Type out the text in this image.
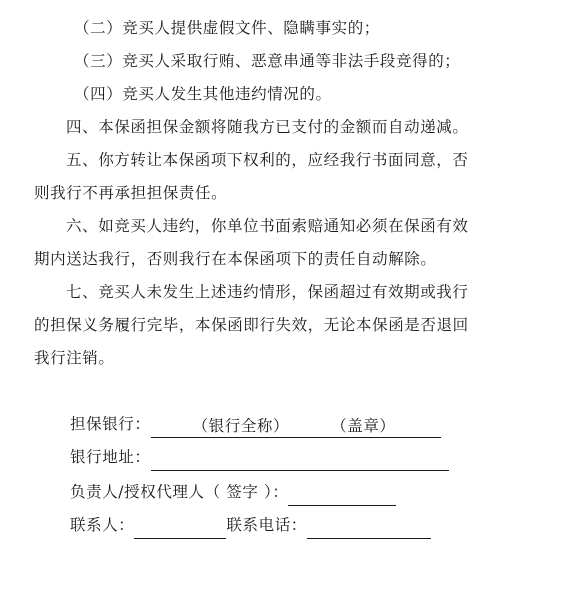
（二）竞买人提供虚假文件、隐瞒事实的；
（三）竞买人采取行贿、恶意串通等非法手段竞得的；
（四）竞买人发生其他违约情况的。
四、本保函担保金额将随我方已支付的金额而自动递减。
五、你方转让本保函项下权利的，应经我行书面同意，否
则我行不再承担担保责任。
六、如竞买人违约，你单位书面索赔通知必须在保函有效
期内送达我行，否则我行在本保函项下的责任自动解除。
七、竞买人未发生上述违约情形，保函超过有效期或我行
的担保义务履行完毕，本保函即行失效，无论本保函是否退回
我行注销。
担保银行：	（银行全称）	（盖章）
银行地址：
负责人/授权代理人（ 签字 ）：
联系人：	联系电话：
